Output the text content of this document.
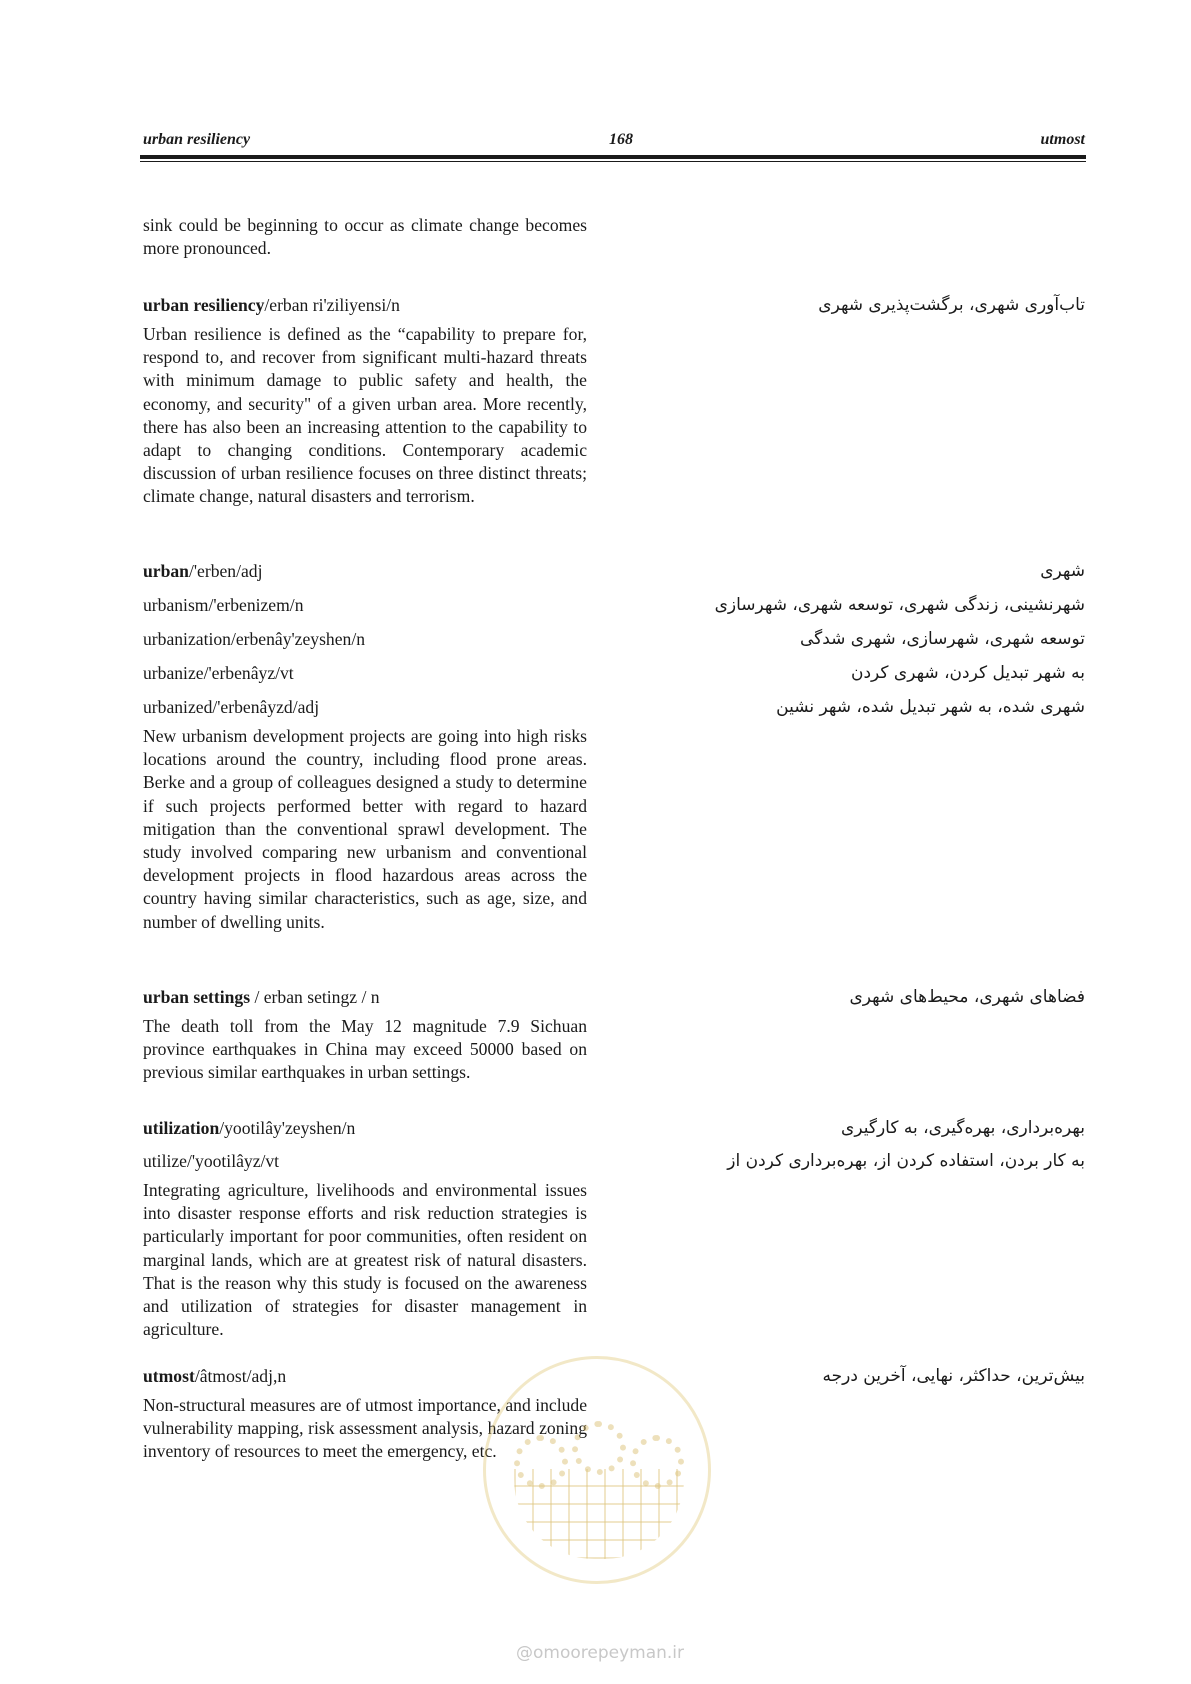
urban resiliency	168	utmost
sink could be beginning to occur as climate change becomes more pronounced.
urban resiliency/erban ri'ziliyensi/n	تاب‌آوری شهری، برگشت‌پذیری شهری
Urban resilience is defined as the “capability to prepare for, respond to, and recover from significant multi-hazard threats with minimum damage to public safety and health, the economy, and security" of a given urban area. More recently, there has also been an increasing attention to the capability to adapt to changing conditions. Contemporary academic discussion of urban resilience focuses on three distinct threats; climate change, natural disasters and terrorism.
urban/'erben/adj	شهری
urbanism/'erbenizem/n	شهرنشینی، زندگی شهری، توسعه شهری، شهرسازی
urbanization/erbenây'zeyshen/n	توسعه شهری، شهرسازی، شهری شدگی
urbanize/'erbenâyz/vt	به شهر تبدیل کردن، شهری کردن
urbanized/'erbenâyzd/adj	شهری شده، به شهر تبدیل شده، شهر نشین
New urbanism development projects are going into high risks locations around the country, including flood prone areas. Berke and a group of colleagues designed a study to determine if such projects performed better with regard to hazard mitigation than the conventional sprawl development. The study involved comparing new urbanism and conventional development projects in flood hazardous areas across the country having similar characteristics, such as age, size, and number of dwelling units.
urban settings / erban setingz / n	فضاهای شهری، محیط‌های شهری
The death toll from the May 12 magnitude 7.9 Sichuan province earthquakes in China may exceed 50000 based on previous similar earthquakes in urban settings.
utilization/yootilây'zeyshen/n	بهره‌برداری، بهره‌گیری، به کارگیری
utilize/'yootilâyz/vt	به کار بردن، استفاده کردن از، بهره‌برداری کردن از
Integrating agriculture, livelihoods and environmental issues into disaster response efforts and risk reduction strategies is particularly important for poor communities, often resident on marginal lands, which are at greatest risk of natural disasters. That is the reason why this study is focused on the awareness and utilization of strategies for disaster management in agriculture.
utmost/âtmost/adj,n	بیش‌ترین، حداکثر، نهایی، آخرین درجه
Non-structural measures are of utmost importance, and include vulnerability mapping, risk assessment analysis, hazard zoning inventory of resources to meet the emergency, etc.
@omoorepeyman.ir
